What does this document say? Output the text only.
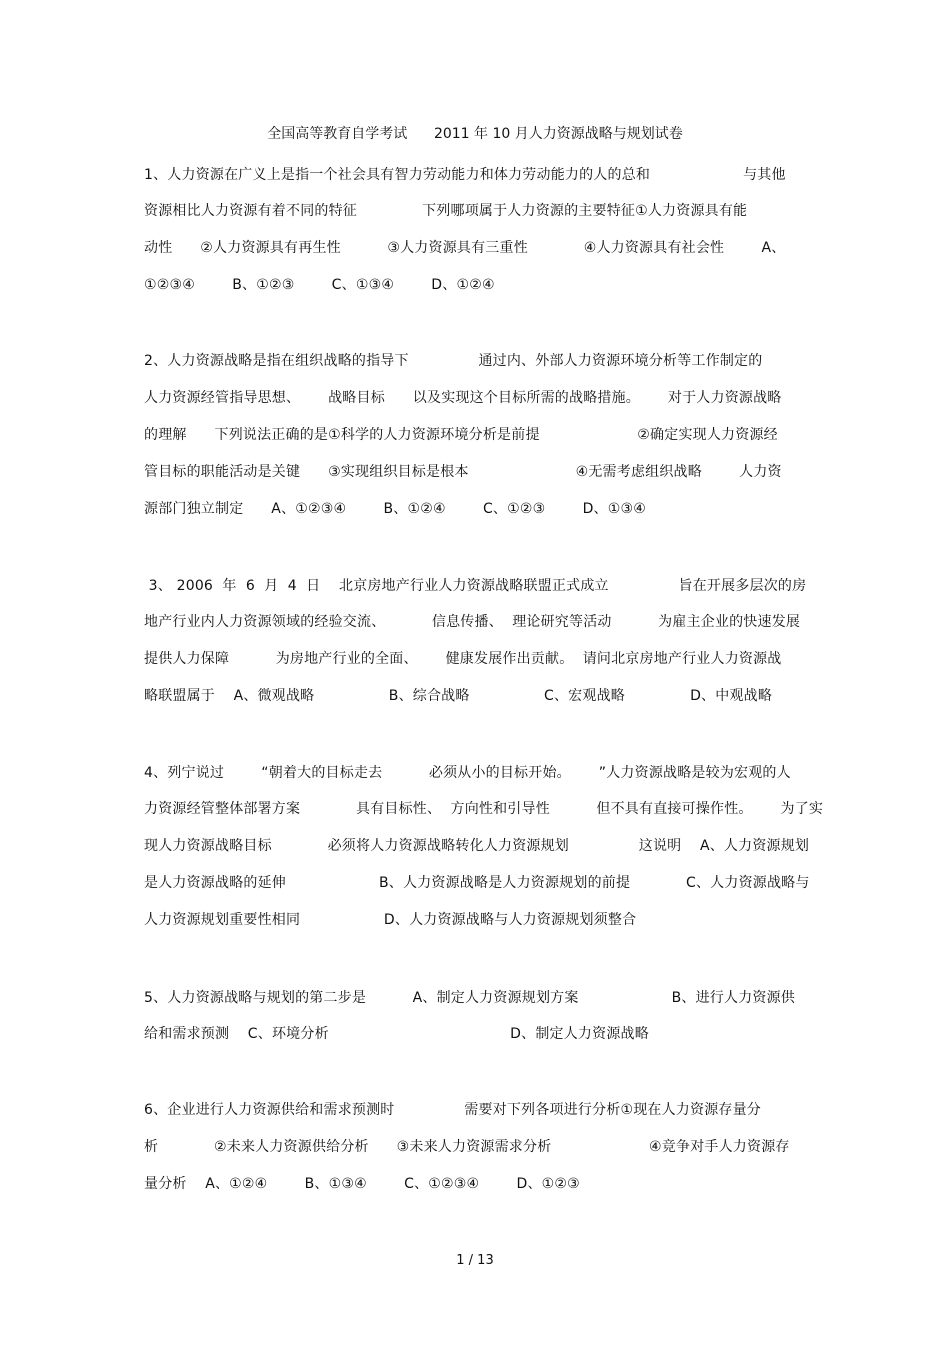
全国高等教育自学考试      2011 年 10 月人力资源战略与规划试卷
1、人力资源在广义上是指一个社会具有智力劳动能力和体力劳动能力的人的总和                    与其他
资源相比人力资源有着不同的特征              下列哪项属于人力资源的主要特征①人力资源具有能
动性      ②人力资源具有再生性          ③人力资源具有三重性            ④人力资源具有社会性        A、
①②③④        B、①②③        C、①③④        D、①②④
2、人力资源战略是指在组织战略的指导下               通过内、外部人力资源环境分析等工作制定的
人力资源经管指导思想、      战略目标      以及实现这个目标所需的战略措施。      对于人力资源战略
的理解      下列说法正确的是①科学的人力资源环境分析是前提                     ②确定实现人力资源经
管目标的职能活动是关键      ③实现组织目标是根本                       ④无需考虑组织战略        人力资
源部门独立制定      A、①②③④        B、①②④        C、①②③        D、①③④
3、 2006  年  6  月  4  日    北京房地产行业人力资源战略联盟正式成立               旨在开展多层次的房
地产行业内人力资源领域的经验交流、          信息传播、  理论研究等活动          为雇主企业的快速发展
提供人力保障          为房地产行业的全面、      健康发展作出贡献。  请问北京房地产行业人力资源战
略联盟属于    A、微观战略                B、综合战略                C、宏观战略              D、中观战略
4、列宁说过        “朝着大的目标走去          必须从小的目标开始。      ”人力资源战略是较为宏观的人
力资源经管整体部署方案            具有目标性、  方向性和引导性          但不具有直接可操作性。      为了实
现人力资源战略目标            必须将人力资源战略转化人力资源规划               这说明    A、人力资源规划
是人力资源战略的延伸                    B、人力资源战略是人力资源规划的前提            C、人力资源战略与
人力资源规划重要性相同                  D、人力资源战略与人力资源规划须整合
5、人力资源战略与规划的第二步是          A、制定人力资源规划方案                    B、进行人力资源供
给和需求预测    C、环境分析                                       D、制定人力资源战略
6、企业进行人力资源供给和需求预测时               需要对下列各项进行分析①现在人力资源存量分
析            ②未来人力资源供给分析      ③未来人力资源需求分析                     ④竞争对手人力资源存
量分析    A、①②④        B、①③④        C、①②③④        D、①②③
1 / 13
